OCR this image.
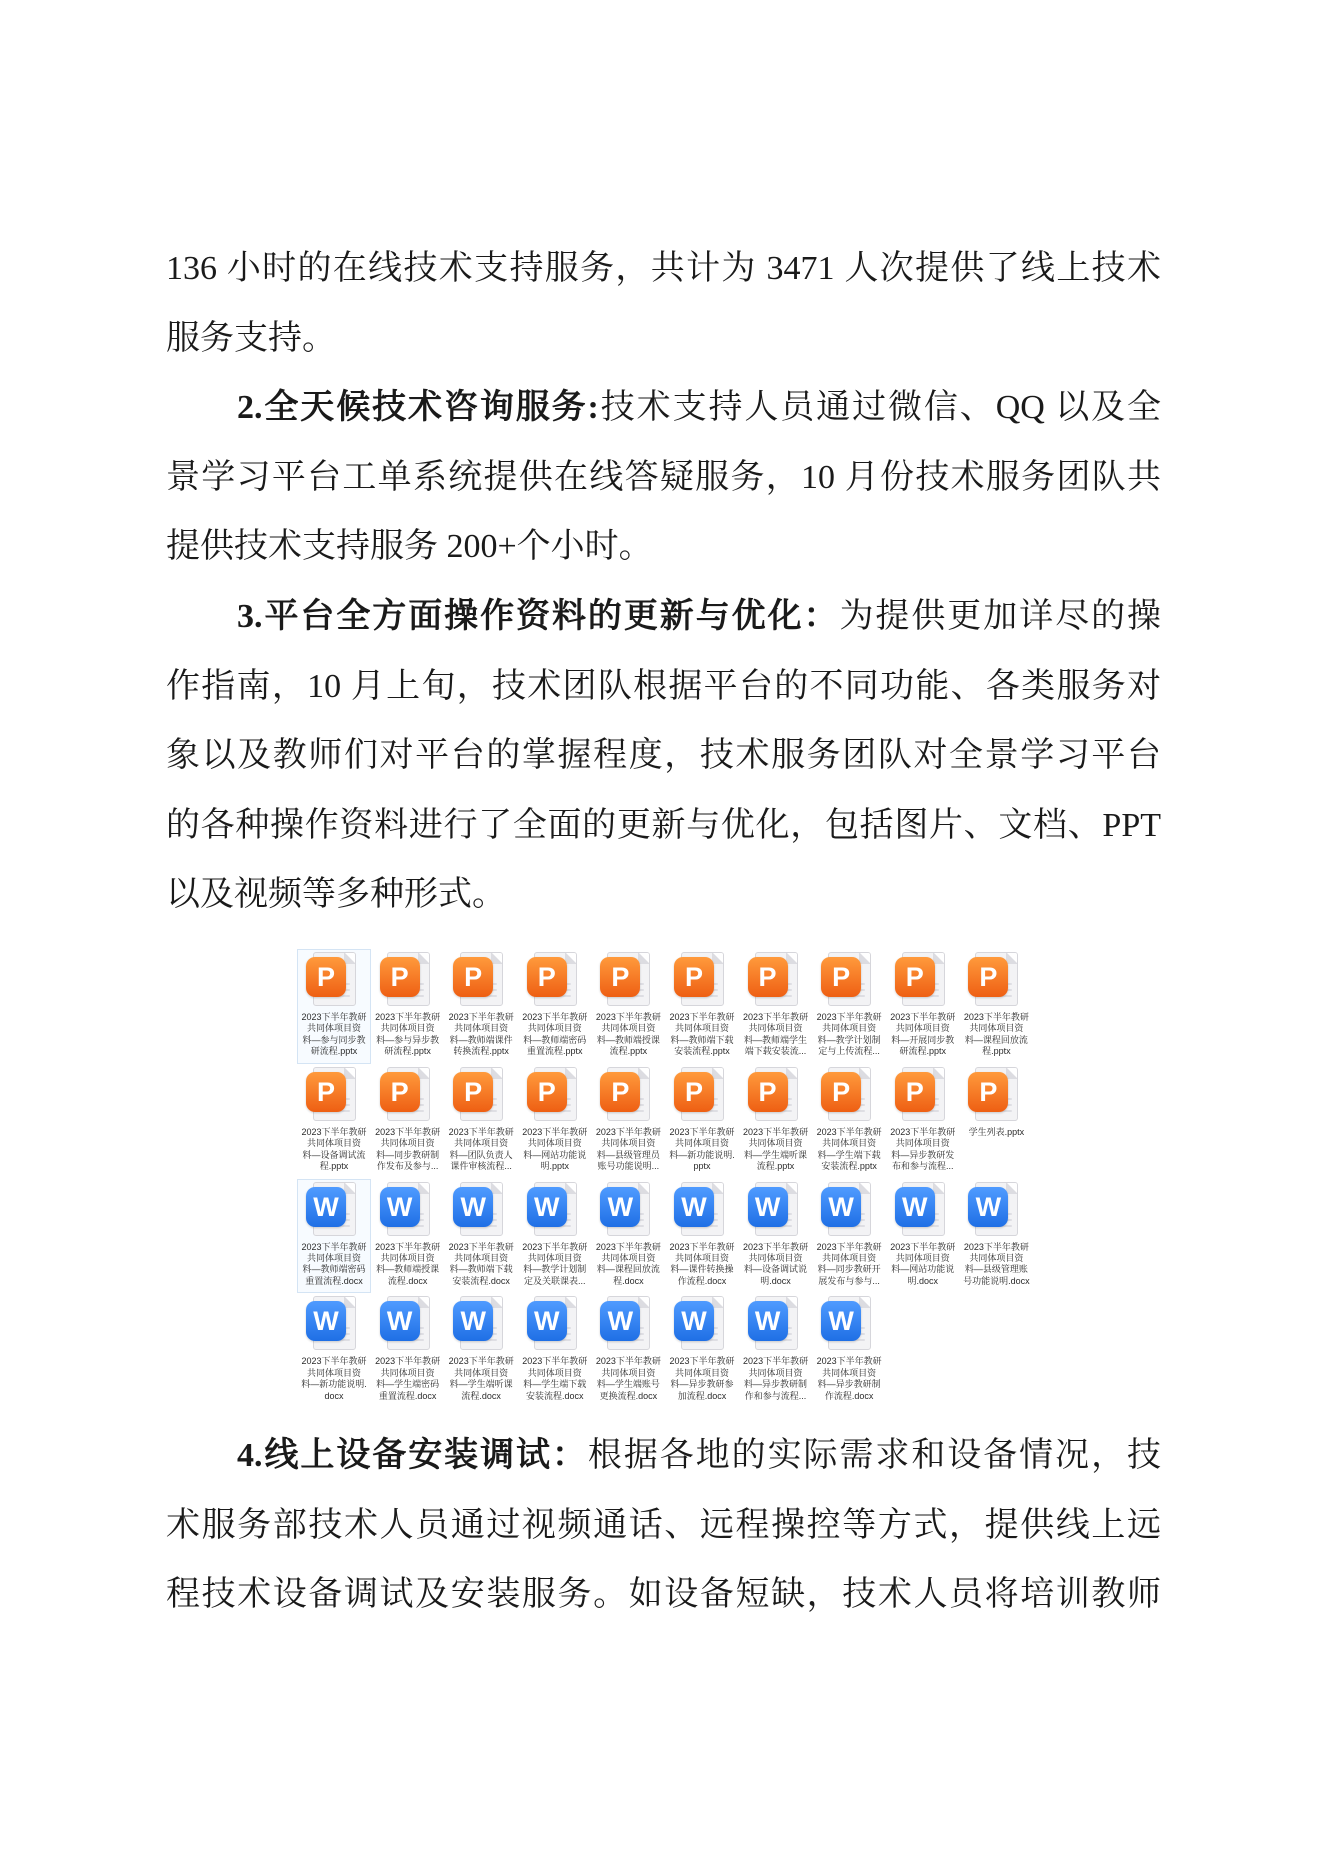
136 小时的在线技术支持服务，共计为 3471 人次提供了线上技术
服务支持。
2.全天候技术咨询服务:技术支持人员通过微信、QQ 以及全
景学习平台工单系统提供在线答疑服务，10 月份技术服务团队共
提供技术支持服务 200+个小时。
3.平台全方面操作资料的更新与优化：为提供更加详尽的操
作指南，10 月上旬，技术团队根据平台的不同功能、各类服务对
象以及教师们对平台的掌握程度，技术服务团队对全景学习平台
的各种操作资料进行了全面的更新与优化，包括图片、文档、PPT
以及视频等多种形式。
P
2023下半年教研
共同体项目资
料—参与同步教
研流程.pptx
P
2023下半年教研
共同体项目资
料—参与异步教
研流程.pptx
P
2023下半年教研
共同体项目资
料—教师端课件
转换流程.pptx
P
2023下半年教研
共同体项目资
料—教师端密码
重置流程.pptx
P
2023下半年教研
共同体项目资
料—教师端授课
流程.pptx
P
2023下半年教研
共同体项目资
料—教师端下载
安装流程.pptx
P
2023下半年教研
共同体项目资
料—教师端学生
端下载安装流...
P
2023下半年教研
共同体项目资
料—教学计划制
定与上传流程...
P
2023下半年教研
共同体项目资
料—开展同步教
研流程.pptx
P
2023下半年教研
共同体项目资
料—课程回放流
程.pptx
P
2023下半年教研
共同体项目资
料—设备调试流
程.pptx
P
2023下半年教研
共同体项目资
料—同步教研制
作发布及参与...
P
2023下半年教研
共同体项目资
料—团队负责人
课件审核流程...
P
2023下半年教研
共同体项目资
料—网站功能说
明.pptx
P
2023下半年教研
共同体项目资
料—县级管理员
账号功能说明...
P
2023下半年教研
共同体项目资
料—新功能说明.
pptx
P
2023下半年教研
共同体项目资
料—学生端听课
流程.pptx
P
2023下半年教研
共同体项目资
料—学生端下载
安装流程.pptx
P
2023下半年教研
共同体项目资
料—异步教研发
布和参与流程...
P
学生列表.pptx
W
2023下半年教研
共同体项目资
料—教师端密码
重置流程.docx
W
2023下半年教研
共同体项目资
料—教师端授课
流程.docx
W
2023下半年教研
共同体项目资
料—教师端下载
安装流程.docx
W
2023下半年教研
共同体项目资
料—教学计划制
定及关联课表...
W
2023下半年教研
共同体项目资
料—课程回放流
程.docx
W
2023下半年教研
共同体项目资
料—课件转换操
作流程.docx
W
2023下半年教研
共同体项目资
料—设备调试说
明.docx
W
2023下半年教研
共同体项目资
料—同步教研开
展发布与参与...
W
2023下半年教研
共同体项目资
料—网站功能说
明.docx
W
2023下半年教研
共同体项目资
料—县级管理账
号功能说明.docx
W
2023下半年教研
共同体项目资
料—新功能说明.
docx
W
2023下半年教研
共同体项目资
料—学生端密码
重置流程.docx
W
2023下半年教研
共同体项目资
料—学生端听课
流程.docx
W
2023下半年教研
共同体项目资
料—学生端下载
安装流程.docx
W
2023下半年教研
共同体项目资
料—学生端账号
更换流程.docx
W
2023下半年教研
共同体项目资
料—异步教研参
加流程.docx
W
2023下半年教研
共同体项目资
料—异步教研制
作和参与流程...
W
2023下半年教研
共同体项目资
料—异步教研制
作流程.docx
4.线上设备安装调试：根据各地的实际需求和设备情况，技
术服务部技术人员通过视频通话、远程操控等方式，提供线上远
程技术设备调试及安装服务。如设备短缺，技术人员将培训教师
